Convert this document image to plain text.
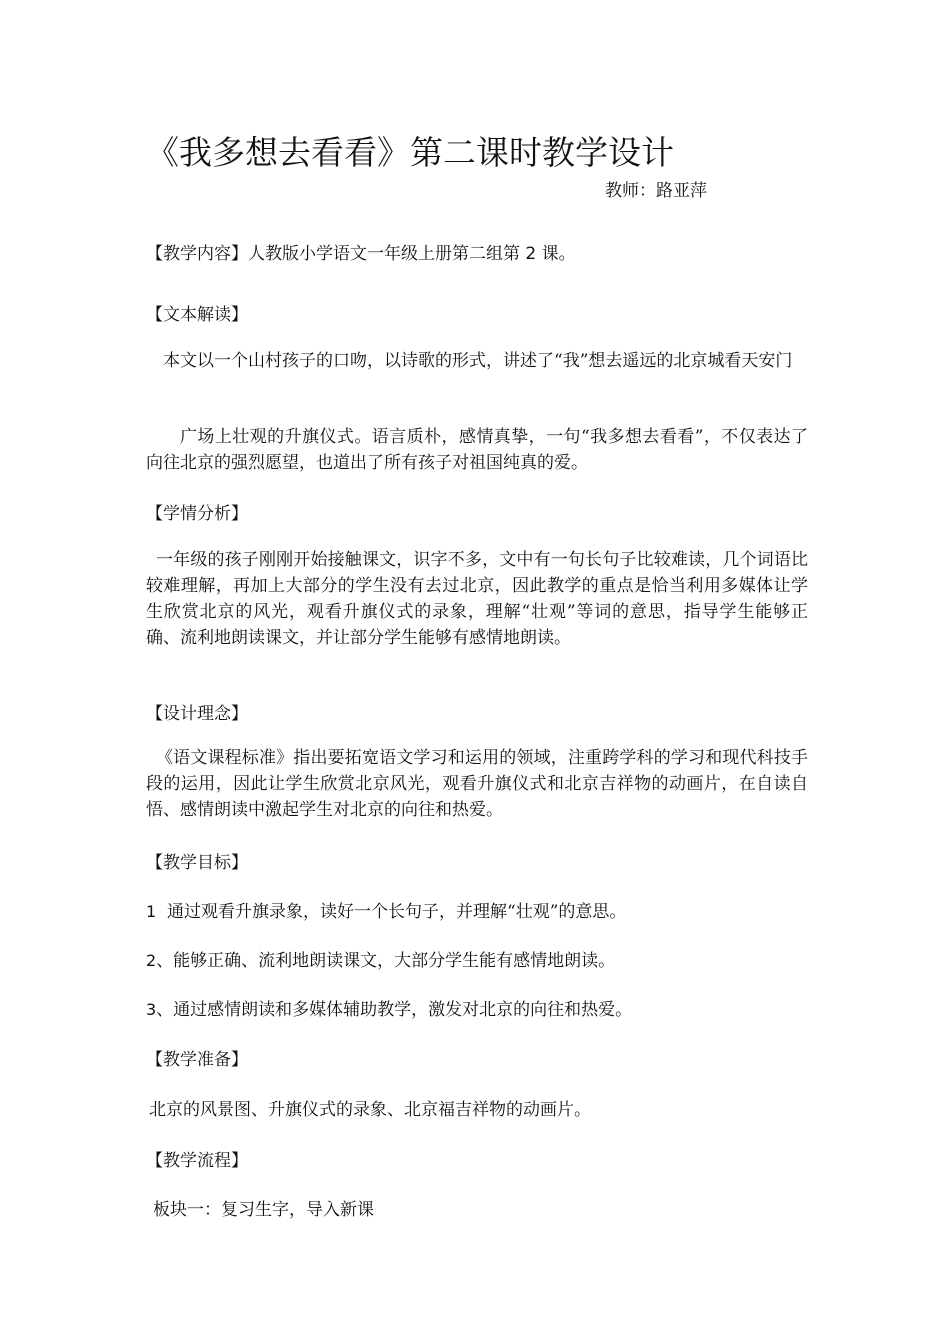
《我多想去看看》第二课时教学设计
教师：路亚萍
【教学内容】人教版小学语文一年级上册第二组第 2 课。
【文本解读】
本文以一个山村孩子的口吻，以诗歌的形式，讲述了“我”想去遥远的北京城看天安门
广场上壮观的升旗仪式。语言质朴，感情真挚，一句“我多想去看看”，不仅表达了向往北京的强烈愿望，也道出了所有孩子对祖国纯真的爱。
【学情分析】
一年级的孩子刚刚开始接触课文，识字不多，文中有一句长句子比较难读，几个词语比较难理解，再加上大部分的学生没有去过北京，因此教学的重点是恰当利用多媒体让学生欣赏北京的风光，观看升旗仪式的录象，理解“壮观”等词的意思，指导学生能够正确、流利地朗读课文，并让部分学生能够有感情地朗读。
【设计理念】
《语文课程标准》指出要拓宽语文学习和运用的领域，注重跨学科的学习和现代科技手段的运用，因此让学生欣赏北京风光，观看升旗仪式和北京吉祥物的动画片，在自读自悟、感情朗读中激起学生对北京的向往和热爱。
【教学目标】
1 通过观看升旗录象，读好一个长句子，并理解“壮观”的意思。
2、能够正确、流利地朗读课文，大部分学生能有感情地朗读。
3、通过感情朗读和多媒体辅助教学，激发对北京的向往和热爱。
【教学准备】
北京的风景图、升旗仪式的录象、北京福吉祥物的动画片。
【教学流程】
板块一：复习生字，导入新课
